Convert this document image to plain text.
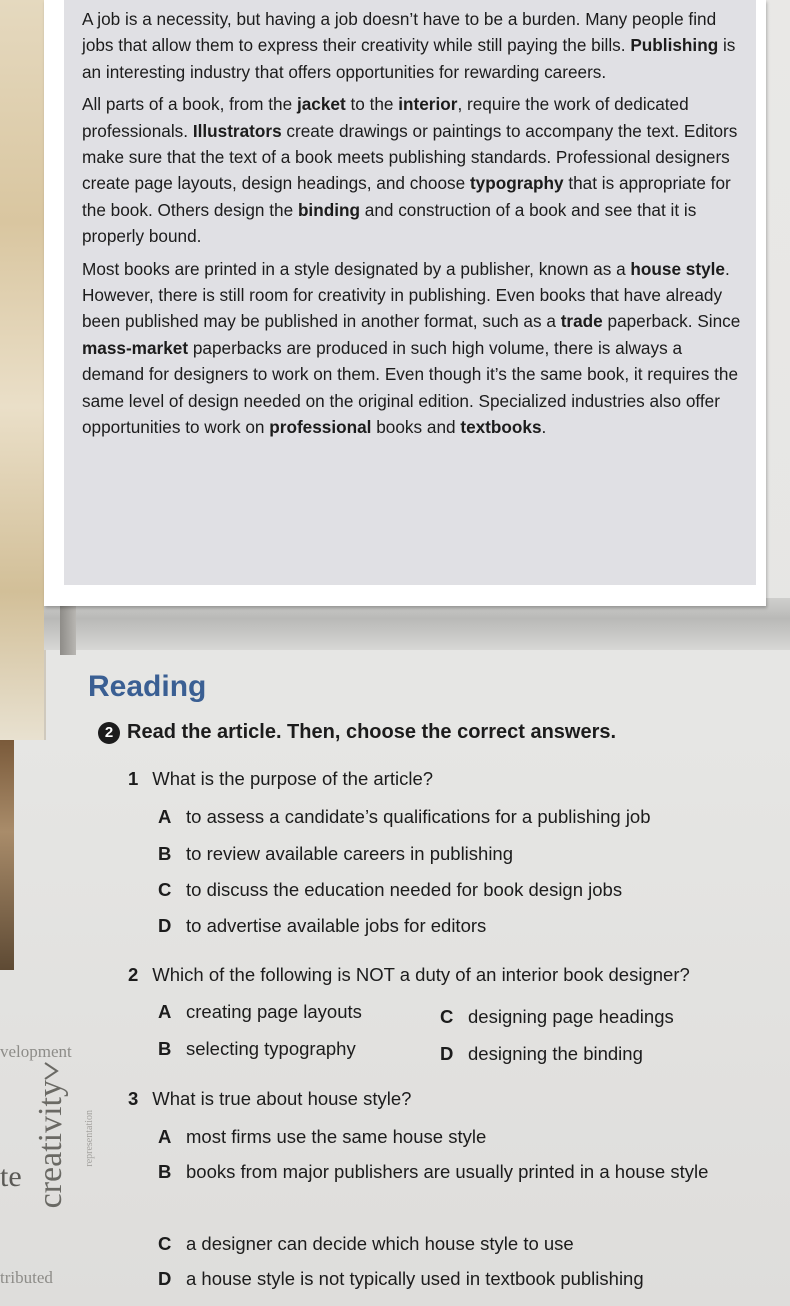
A job is a necessity, but having a job doesn’t have to be a burden. Many people find jobs that allow them to express their creativity while still paying the bills. Publishing is an interesting industry that offers opportunities for rewarding careers.

All parts of a book, from the jacket to the interior, require the work of dedicated professionals. Illustrators create drawings or paintings to accompany the text. Editors make sure that the text of a book meets publishing standards. Professional designers create page layouts, design headings, and choose typography that is appropriate for the book. Others design the binding and construction of a book and see that it is properly bound.

Most books are printed in a style designated by a publisher, known as a house style. However, there is still room for creativity in publishing. Even books that have already been published may be published in another format, such as a trade paperback. Since mass-market paperbacks are produced in such high volume, there is always a demand for designers to work on them. Even though it’s the same book, it requires the same level of design needed on the original edition. Specialized industries also offer opportunities to work on professional books and textbooks.

Reading
2 Read the article. Then, choose the correct answers.
1 What is the purpose of the article?
A to assess a candidate’s qualifications for a publishing job
B to review available careers in publishing
C to discuss the education needed for book design jobs
D to advertise available jobs for editors
2 Which of the following is NOT a duty of an interior book designer?
A creating page layouts
B selecting typography
C designing page headings
D designing the binding
3 What is true about house style?
A most firms use the same house style
B books from major publishers are usually printed in a house style
C a designer can decide which house style to use
D a house style is not typically used in textbook publishing
velopment
te creativity representation
tributed
